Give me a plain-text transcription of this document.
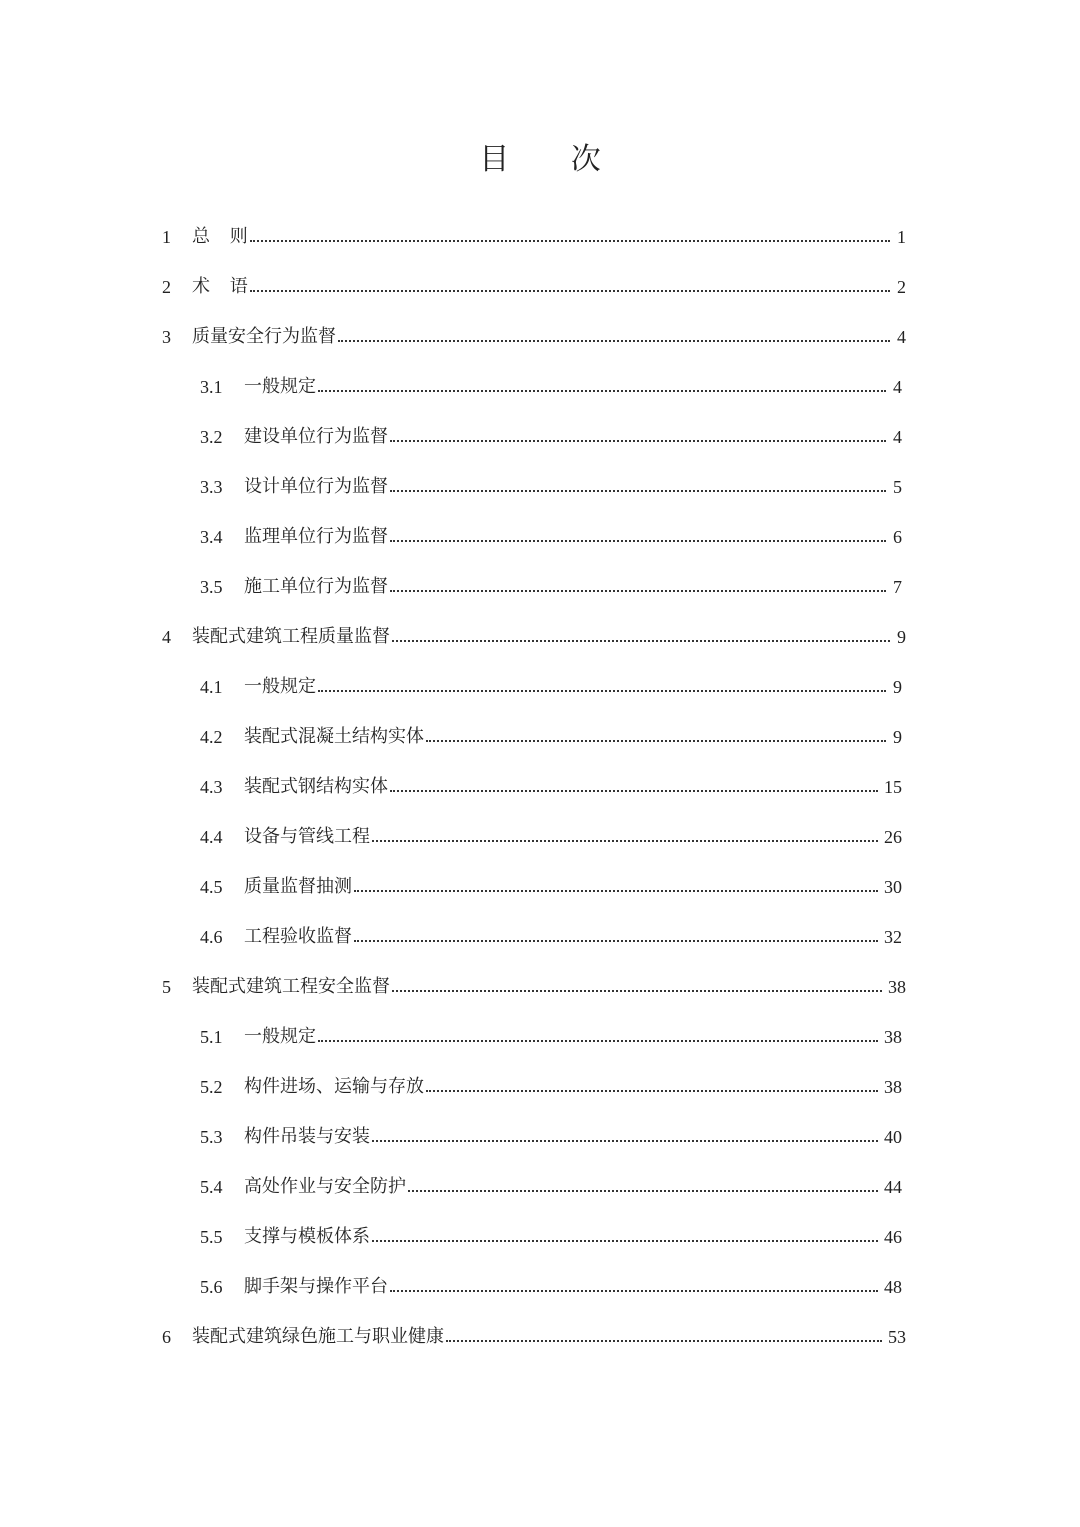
目 次
1	总 则	1
2	术 语	2
3	质量安全行为监督	4
3.1	一般规定	4
3.2	建设单位行为监督	4
3.3	设计单位行为监督	5
3.4	监理单位行为监督	6
3.5	施工单位行为监督	7
4	装配式建筑工程质量监督	9
4.1	一般规定	9
4.2	装配式混凝土结构实体	9
4.3	装配式钢结构实体	15
4.4	设备与管线工程	26
4.5	质量监督抽测	30
4.6	工程验收监督	32
5	装配式建筑工程安全监督	38
5.1	一般规定	38
5.2	构件进场、运输与存放	38
5.3	构件吊装与安装	40
5.4	高处作业与安全防护	44
5.5	支撑与模板体系	46
5.6	脚手架与操作平台	48
6	装配式建筑绿色施工与职业健康	53
